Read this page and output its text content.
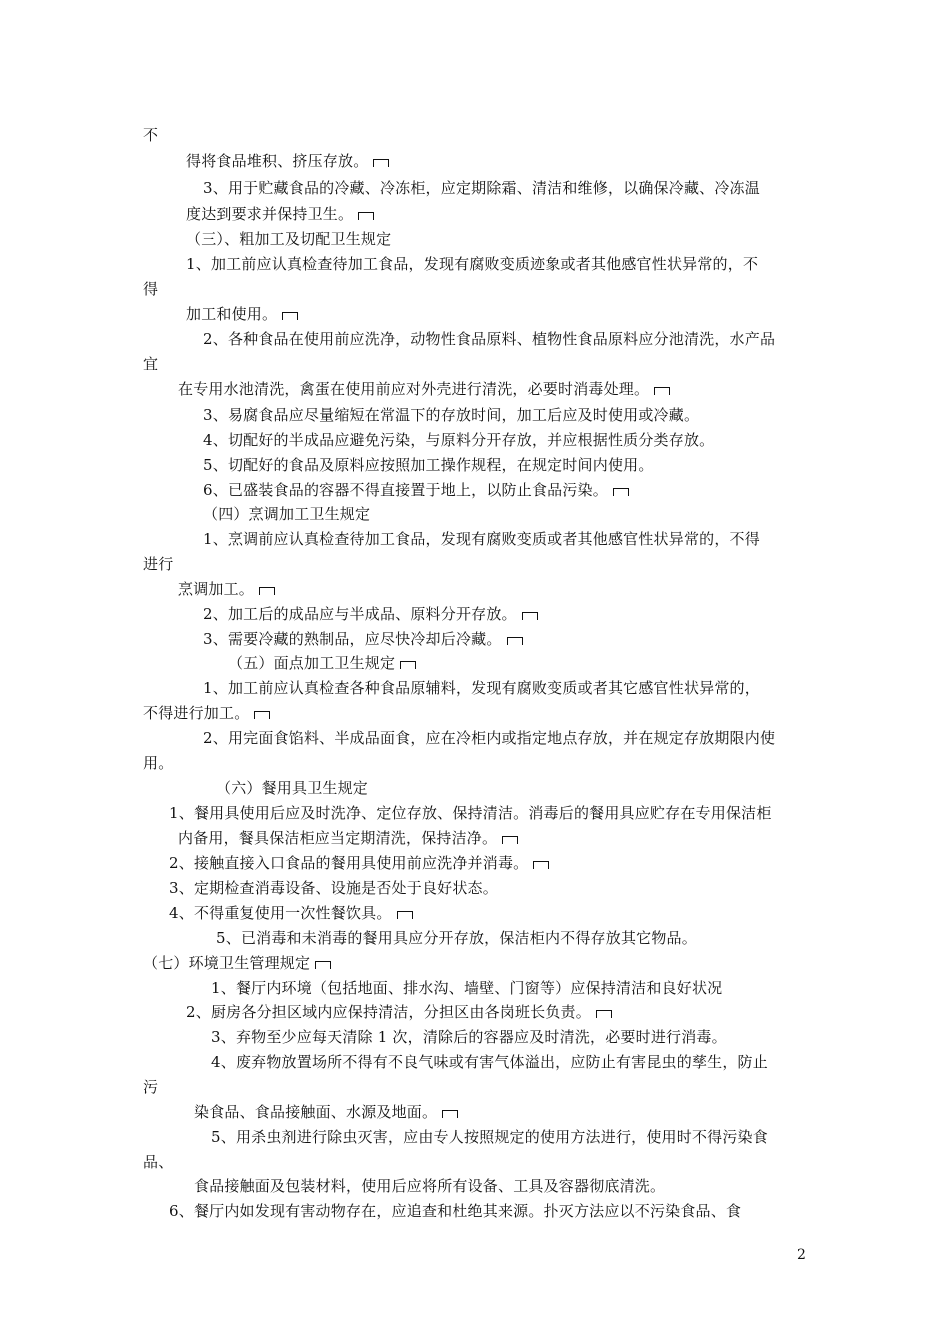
不
得将食品堆积、挤压存放。
3、用于贮藏食品的冷藏、冷冻柜，应定期除霜、清洁和维修，以确保冷藏、冷冻温
度达到要求并保持卫生。
（三）、粗加工及切配卫生规定
1、加工前应认真检查待加工食品，发现有腐败变质迹象或者其他感官性状异常的，不
得
加工和使用。
2、各种食品在使用前应洗净，动物性食品原料、植物性食品原料应分池清洗，水产品
宜
在专用水池清洗，禽蛋在使用前应对外壳进行清洗，必要时消毒处理。
3、易腐食品应尽量缩短在常温下的存放时间，加工后应及时使用或冷藏。
4、切配好的半成品应避免污染，与原料分开存放，并应根据性质分类存放。
5、切配好的食品及原料应按照加工操作规程，在规定时间内使用。
6、已盛装食品的容器不得直接置于地上，以防止食品污染。
（四）烹调加工卫生规定
1、烹调前应认真检查待加工食品，发现有腐败变质或者其他感官性状异常的，不得
进行
烹调加工。
2、加工后的成品应与半成品、原料分开存放。
3、需要冷藏的熟制品，应尽快冷却后冷藏。
（五）面点加工卫生规定
1、加工前应认真检查各种食品原辅料，发现有腐败变质或者其它感官性状异常的，
不得进行加工。
2、用完面食馅料、半成品面食，应在冷柜内或指定地点存放，并在规定存放期限内使
用。
（六）餐用具卫生规定
1、餐用具使用后应及时洗净、定位存放、保持清洁。消毒后的餐用具应贮存在专用保洁柜
内备用，餐具保洁柜应当定期清洗，保持洁净。
2、接触直接入口食品的餐用具使用前应洗净并消毒。
3、定期检查消毒设备、设施是否处于良好状态。
4、不得重复使用一次性餐饮具。
5、已消毒和未消毒的餐用具应分开存放，保洁柜内不得存放其它物品。
（七）环境卫生管理规定
1、餐厅内环境（包括地面、排水沟、墙壁、门窗等）应保持清洁和良好状况
2、厨房各分担区域内应保持清洁，分担区由各岗班长负责。
3、弃物至少应每天清除 1 次，清除后的容器应及时清洗，必要时进行消毒。
4、废弃物放置场所不得有不良气味或有害气体溢出，应防止有害昆虫的孳生，防止
污
染食品、食品接触面、水源及地面。
5、用杀虫剂进行除虫灭害，应由专人按照规定的使用方法进行，使用时不得污染食
品、
食品接触面及包装材料，使用后应将所有设备、工具及容器彻底清洗。
6、餐厅内如发现有害动物存在，应追查和杜绝其来源。扑灭方法应以不污染食品、食
2
